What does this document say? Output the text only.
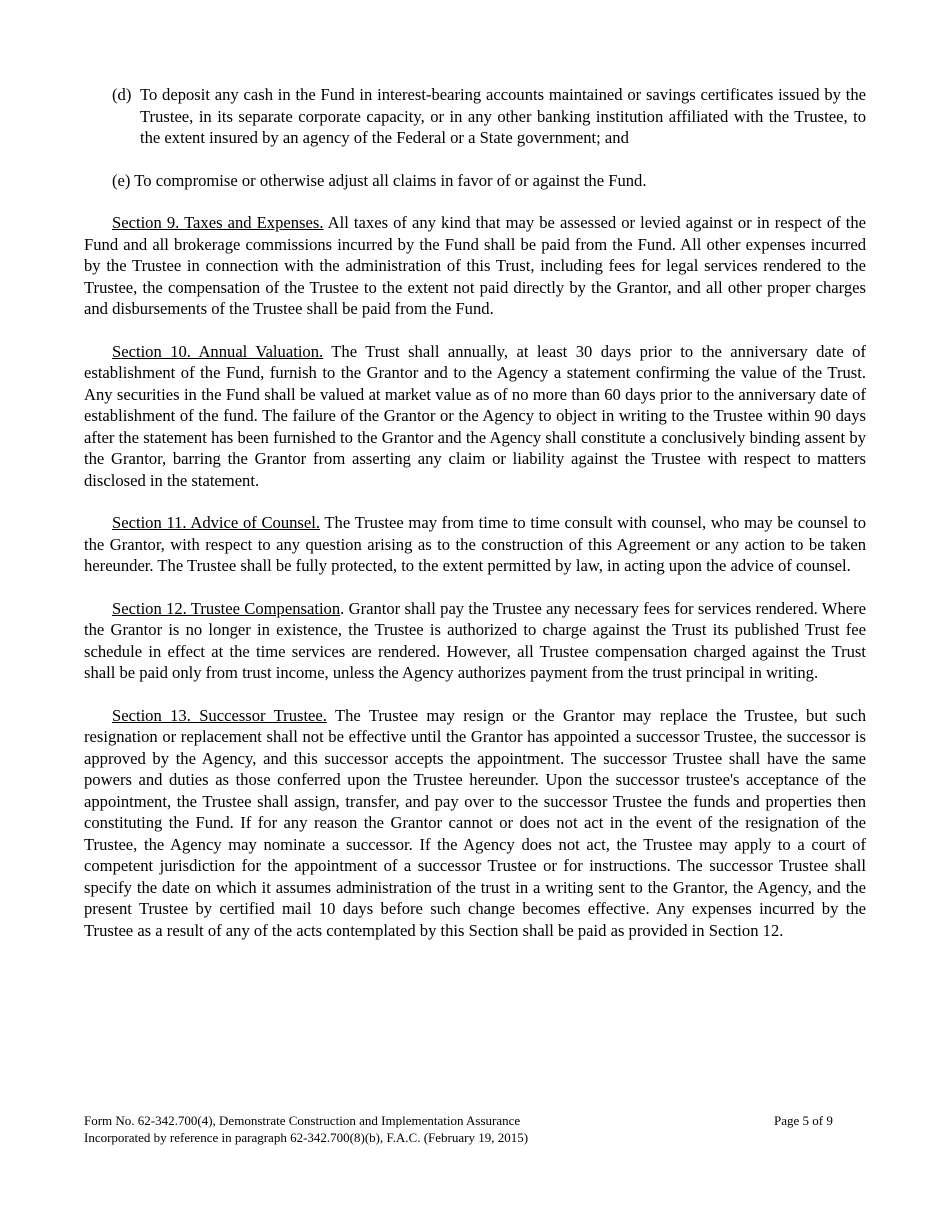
(d) To deposit any cash in the Fund in interest-bearing accounts maintained or savings certificates issued by the Trustee, in its separate corporate capacity, or in any other banking institution affiliated with the Trustee, to the extent insured by an agency of the Federal or a State government; and

(e) To compromise or otherwise adjust all claims in favor of or against the Fund.

Section 9. Taxes and Expenses. All taxes of any kind that may be assessed or levied against or in respect of the Fund and all brokerage commissions incurred by the Fund shall be paid from the Fund. All other expenses incurred by the Trustee in connection with the administration of this Trust, including fees for legal services rendered to the Trustee, the compensation of the Trustee to the extent not paid directly by the Grantor, and all other proper charges and disbursements of the Trustee shall be paid from the Fund.

Section 10. Annual Valuation. The Trust shall annually, at least 30 days prior to the anniversary date of establishment of the Fund, furnish to the Grantor and to the Agency a statement confirming the value of the Trust. Any securities in the Fund shall be valued at market value as of no more than 60 days prior to the anniversary date of establishment of the fund. The failure of the Grantor or the Agency to object in writing to the Trustee within 90 days after the statement has been furnished to the Grantor and the Agency shall constitute a conclusively binding assent by the Grantor, barring the Grantor from asserting any claim or liability against the Trustee with respect to matters disclosed in the statement.

Section 11. Advice of Counsel. The Trustee may from time to time consult with counsel, who may be counsel to the Grantor, with respect to any question arising as to the construction of this Agreement or any action to be taken hereunder. The Trustee shall be fully protected, to the extent permitted by law, in acting upon the advice of counsel.

Section 12. Trustee Compensation. Grantor shall pay the Trustee any necessary fees for services rendered. Where the Grantor is no longer in existence, the Trustee is authorized to charge against the Trust its published Trust fee schedule in effect at the time services are rendered. However, all Trustee compensation charged against the Trust shall be paid only from trust income, unless the Agency authorizes payment from the trust principal in writing.

Section 13. Successor Trustee. The Trustee may resign or the Grantor may replace the Trustee, but such resignation or replacement shall not be effective until the Grantor has appointed a successor Trustee, the successor is approved by the Agency, and this successor accepts the appointment. The successor Trustee shall have the same powers and duties as those conferred upon the Trustee hereunder. Upon the successor trustee's acceptance of the appointment, the Trustee shall assign, transfer, and pay over to the successor Trustee the funds and properties then constituting the Fund. If for any reason the Grantor cannot or does not act in the event of the resignation of the Trustee, the Agency may nominate a successor. If the Agency does not act, the Trustee may apply to a court of competent jurisdiction for the appointment of a successor Trustee or for instructions. The successor Trustee shall specify the date on which it assumes administration of the trust in a writing sent to the Grantor, the Agency, and the present Trustee by certified mail 10 days before such change becomes effective. Any expenses incurred by the Trustee as a result of any of the acts contemplated by this Section shall be paid as provided in Section 12.

Form No. 62-342.700(4), Demonstrate Construction and Implementation Assurance
Incorporated by reference in paragraph 62-342.700(8)(b), F.A.C. (February 19, 2015)
Page 5 of 9
